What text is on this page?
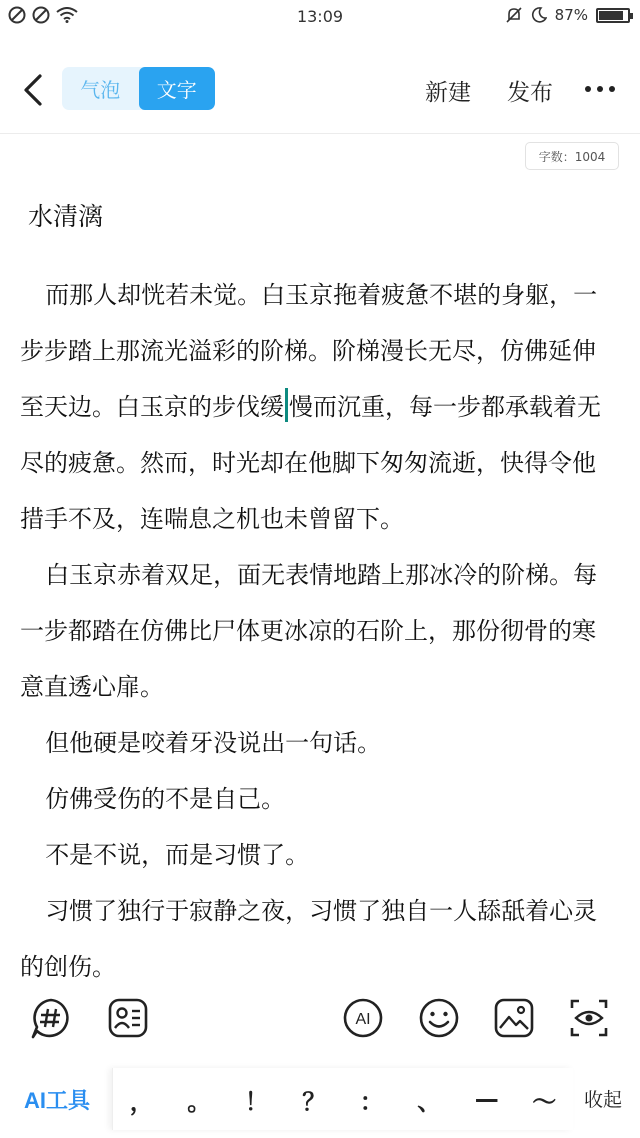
13:09	87%
气泡	文字	新建 发布
字数：1004
水清漓

而那人却恍若未觉。白玉京拖着疲惫不堪的身躯，一步步踏上那流光溢彩的阶梯。阶梯漫长无尽，仿佛延伸至天边。白玉京的步伐缓 慢而沉重，每一步都承载着无尽的疲惫。然而，时光却在他脚下匆匆流逝，快得令他措手不及，连喘息之机也未曾留下。

白玉京赤着双足，面无表情地踏上那冰冷的阶梯。每一步都踏在仿佛比尸体更冰凉的石阶上，那份彻骨的寒意直透心扉。

但他硬是咬着牙没说出一句话。

仿佛受伤的不是自己。

不是不说，而是习惯了。

习惯了独行于寂静之夜，习惯了独自一人舔舐着心灵的创伤。

AI
AI工具	，	。	！	？	：	、	—	～	收起
